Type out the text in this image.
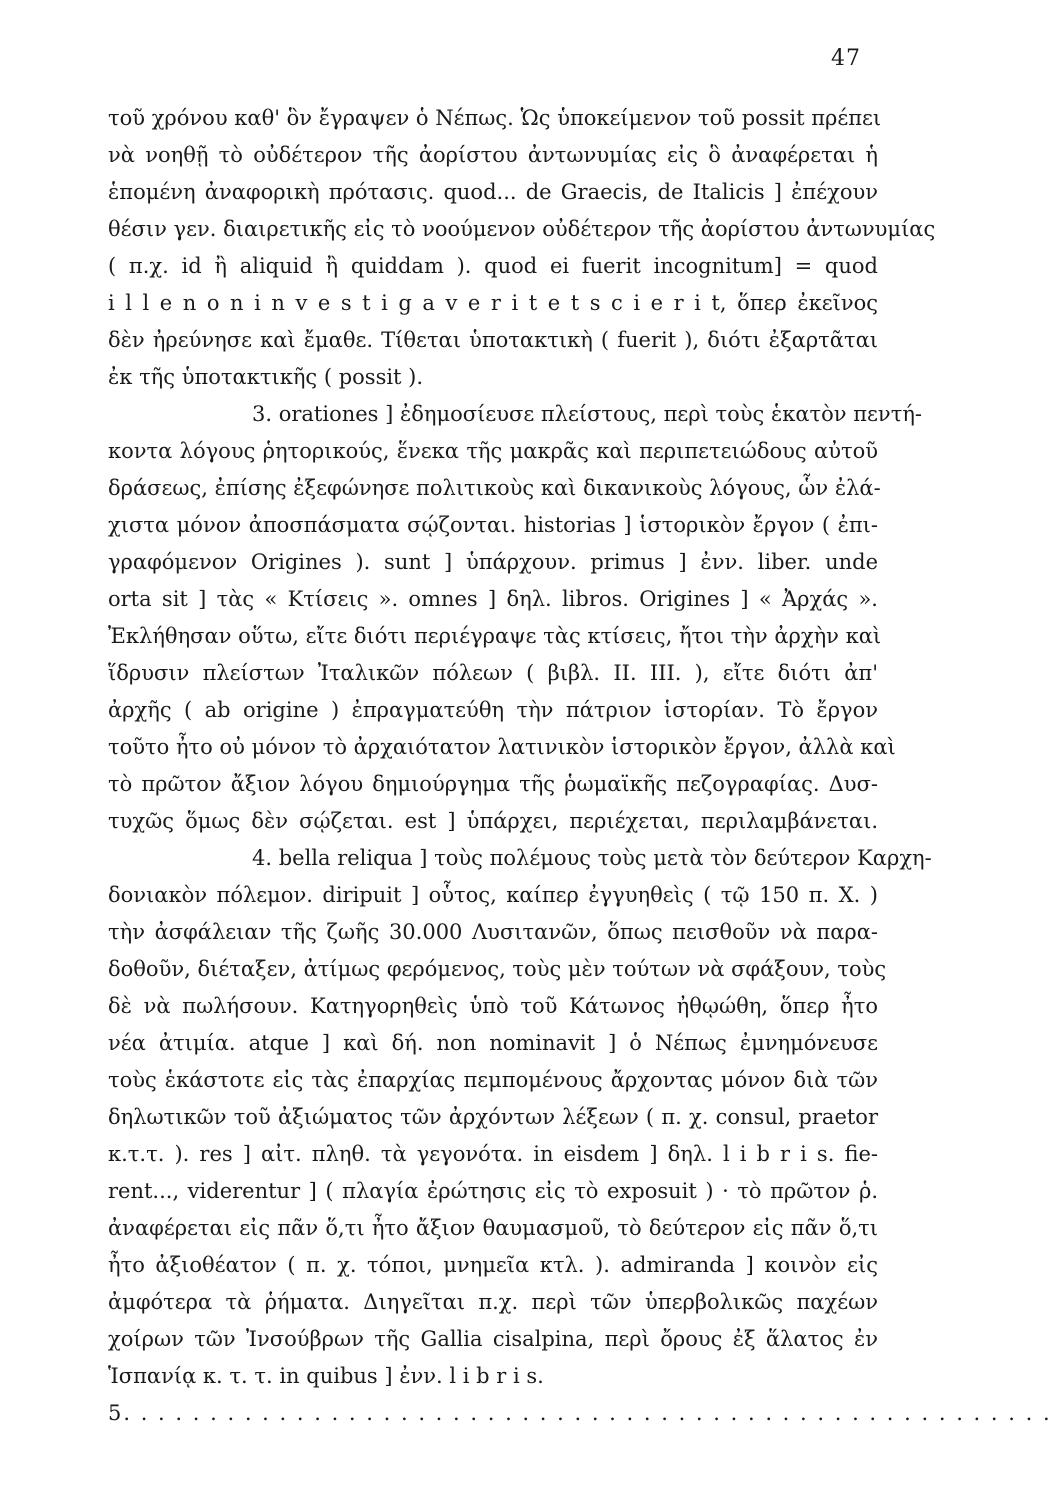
47
τοῦ χρόνου καθ' ὃν ἔγραψεν ὁ Νέπως. Ὡς ὑποκείμενον τοῦ possit πρέπει
νὰ νοηθῇ τὸ οὐδέτερον τῆς ἀορίστου ἀντωνυμίας εἰς ὃ ἀναφέρεται ἡ
ἑπομένη ἀναφορικὴ πρότασις. quod... de Graecis, de Italicis ] ἐπέχουν
θέσιν γεν. διαιρετικῆς εἰς τὸ νοούμενον οὐδέτερον τῆς ἀορίστου ἀντωνυμίας
( π.χ. id ἢ aliquid ἢ quiddam ). quod ei fuerit incognitum] = quod
i l l e n o n i n v e s t i g a v e r i t e t s c i e r i t, ὅπερ ἐκεῖνος
δὲν ἠρεύνησε καὶ ἔμαθε. Τίθεται ὑποτακτικὴ ( fuerit ), διότι ἐξαρτᾶται
ἐκ τῆς ὑποτακτικῆς ( possit ).
3. orationes ] ἐδημοσίευσε πλείστους, περὶ τοὺς ἑκατὸν πεντή-
κοντα λόγους ῥητορικούς, ἕνεκα τῆς μακρᾶς καὶ περιπετειώδους αὐτοῦ
δράσεως, ἐπίσης ἐξεφώνησε πολιτικοὺς καὶ δικανικοὺς λόγους, ὧν ἐλά-
χιστα μόνον ἀποσπάσματα σῴζονται. historias ] ἱστορικὸν ἔργον ( ἐπι-
γραφόμενον Origines ). sunt ] ὑπάρχουν. primus ] ἐνν. liber. unde
orta sit ] τὰς « Κτίσεις ». omnes ] δηλ. libros. Origines ] « Ἀρχάς ».
Ἐκλήθησαν οὕτω, εἴτε διότι περιέγραψε τὰς κτίσεις, ἤτοι τὴν ἀρχὴν καὶ
ἵδρυσιν πλείστων Ἰταλικῶν πόλεων ( βιβλ. II. III. ), εἴτε διότι ἀπ'
ἀρχῆς ( ab origine ) ἐπραγματεύθη τὴν πάτριον ἱστορίαν. Τὸ ἔργον
τοῦτο ἦτο οὐ μόνον τὸ ἀρχαιότατον λατινικὸν ἱστορικὸν ἔργον, ἀλλὰ καὶ
τὸ πρῶτον ἄξιον λόγου δημιούργημα τῆς ῥωμαϊκῆς πεζογραφίας. Δυσ-
τυχῶς ὅμως δὲν σῴζεται. est ] ὑπάρχει, περιέχεται, περιλαμβάνεται.
4. bella reliqua ] τοὺς πολέμους τοὺς μετὰ τὸν δεύτερον Καρχη-
δονιακὸν πόλεμον. diripuit ] οὗτος, καίπερ ἐγγυηθεὶς ( τῷ 150 π. Χ. )
τὴν ἀσφάλειαν τῆς ζωῆς 30.000 Λυσιτανῶν, ὅπως πεισθοῦν νὰ παρα-
δοθοῦν, διέταξεν, ἀτίμως φερόμενος, τοὺς μὲν τούτων νὰ σφάξουν, τοὺς
δὲ νὰ πωλήσουν. Κατηγορηθεὶς ὑπὸ τοῦ Κάτωνος ἠθῳώθη, ὅπερ ἦτο
νέα ἀτιμία. atque ] καὶ δή. non nominavit ] ὁ Νέπως ἐμνημόνευσε
τοὺς ἑκάστοτε εἰς τὰς ἐπαρχίας πεμπομένους ἄρχοντας μόνον διὰ τῶν
δηλωτικῶν τοῦ ἀξιώματος τῶν ἀρχόντων λέξεων ( π. χ. consul, praetor
κ.τ.τ. ). res ] αἰτ. πληθ. τὰ γεγονότα. in eisdem ] δηλ. l i b r i s. fie-
rent..., viderentur ] ( πλαγία ἐρώτησις εἰς τὸ exposuit ) · τὸ πρῶτον ῥ.
ἀναφέρεται εἰς πᾶν ὅ,τι ἦτο ἄξιον θαυμασμοῦ, τὸ δεύτερον εἰς πᾶν ὅ,τι
ἦτο ἀξιοθέατον ( π. χ. τόποι, μνημεῖα κτλ. ). admiranda ] κοινὸν εἰς
ἀμφότερα τὰ ῥήματα. Διηγεῖται π.χ. περὶ τῶν ὑπερβολικῶς παχέων
χοίρων τῶν Ἰνσούβρων τῆς Gallia cisalpina, περὶ ὄρους ἐξ ἅλατος ἐν
Ἱσπανίᾳ κ. τ. τ. in quibus ] ἐνν. l i b r i s.
5. . . . . . . . . . . . . . . . . . . . . . . . . . . . . . . . . . . . . . . . . . . . . . . . . . . . . .
